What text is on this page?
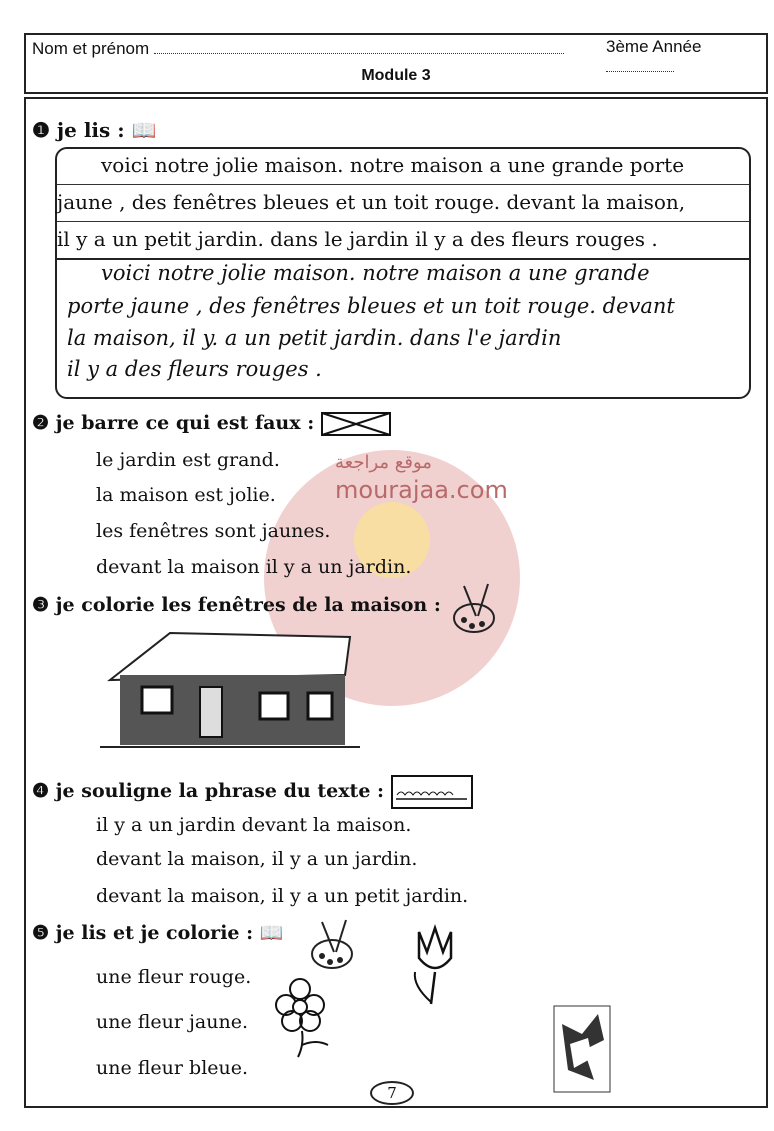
Nom et prénom	3ème Année
Module 3
❶ je lis : 📖
voici notre jolie maison. notre maison a une grande porte
jaune , des fenêtres bleues et un toit rouge. devant la maison,
il y a un petit jardin. dans le jardin il y a des fleurs rouges .
voici notre jolie maison. notre maison a une grande
porte jaune , des fenêtres bleues et un toit rouge. devant
la maison, il y. a un petit jardin. dans l'e jardin
il y a des fleurs rouges .
موقع مراجعة
mourajaa.com
❷ je barre ce qui est faux :
le jardin est grand.
la maison est jolie.
les fenêtres sont jaunes.
devant la maison il y a un jardin.
❸ je colorie les fenêtres de la maison :
❹ je souligne la phrase du texte :
il y a un jardin devant la maison.
devant la maison, il y a un jardin.
devant la maison, il y a un petit jardin.
❺ je lis et je colorie : 📖
une fleur rouge.
une fleur jaune.
une fleur bleue.
7
